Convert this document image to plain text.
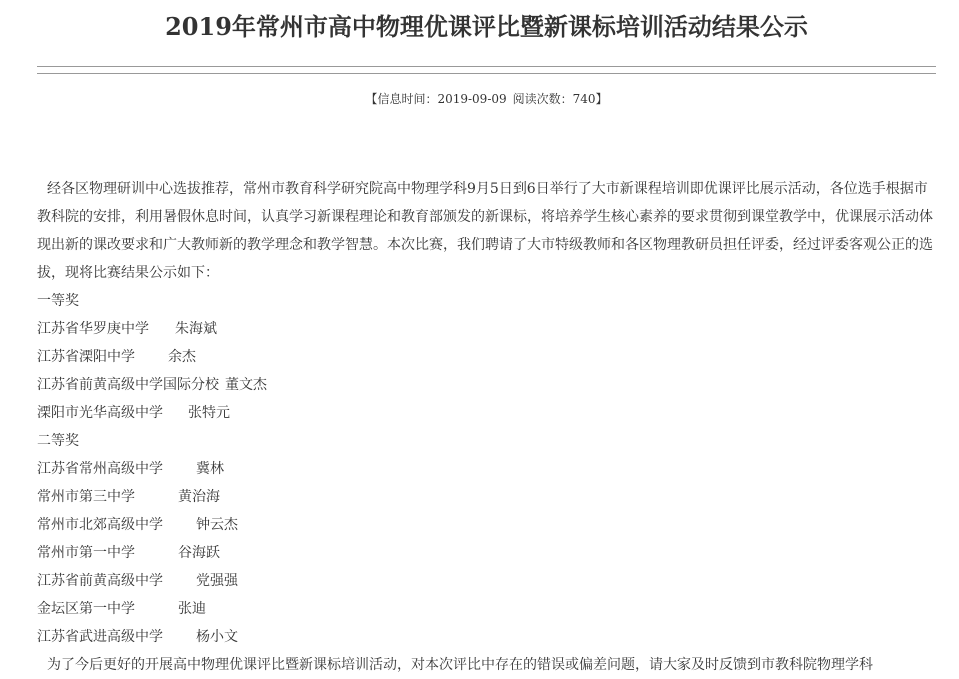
2019年常州市高中物理优课评比暨新课标培训活动结果公示
【信息时间：2019-09-09 阅读次数：740】

经各区物理研训中心选拔推荐，常州市教育科学研究院高中物理学科9月5日到6日举行了大市新课程培训即优课评比展示活动，各位选手根据市教科院的安排，利用暑假休息时间，认真学习新课程理论和教育部颁发的新课标，将培养学生核心素养的要求贯彻到课堂教学中，优课展示活动体现出新的课改要求和广大教师新的教学理念和教学智慧。本次比赛，我们聘请了大市特级教师和各区物理教研员担任评委，经过评委客观公正的选拔，现将比赛结果公示如下：

一等奖

江苏省华罗庚中学 朱海斌

江苏省溧阳中学 余杰

江苏省前黄高级中学国际分校 董文杰

溧阳市光华高级中学 张特元

二等奖

江苏省常州高级中学 冀林

常州市第三中学	黄治海

常州市北郊高级中学 钟云杰

常州市第一中学	谷海跃

江苏省前黄高级中学 党强强

金坛区第一中学	张迪

江苏省武进高级中学 杨小文

为了今后更好的开展高中物理优课评比暨新课标培训活动，对本次评比中存在的错误或偏差问题，请大家及时反馈到市教科院物理学科
